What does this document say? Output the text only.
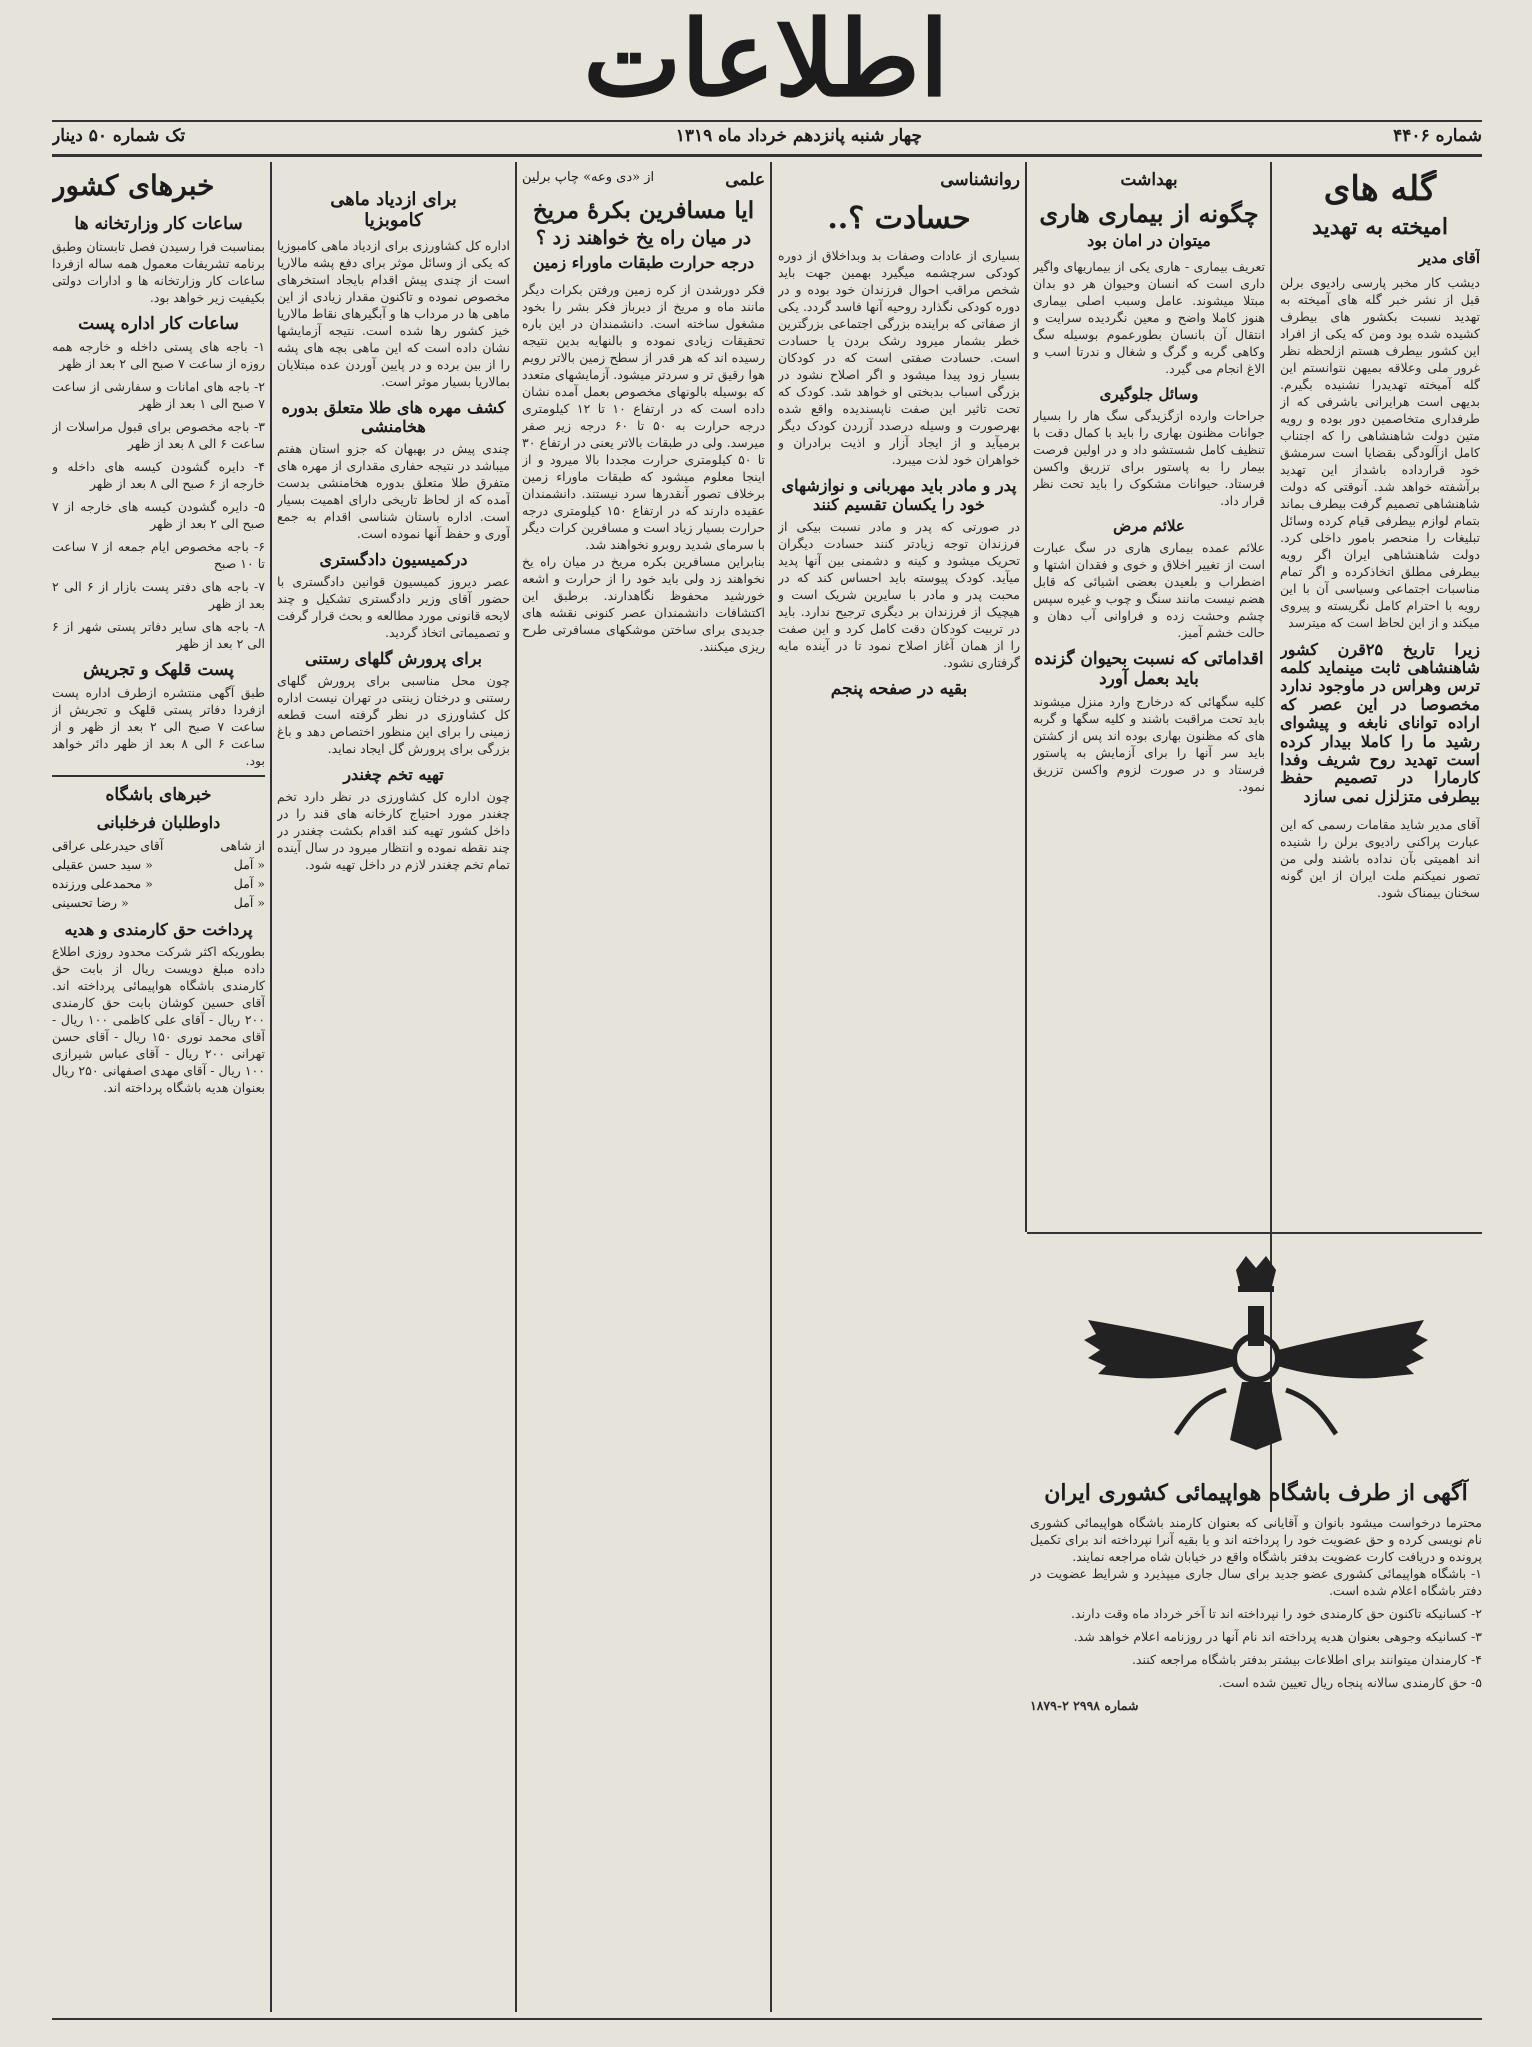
اطلاعات
شماره ۴۴۰۶
چهار شنبه پانزدهم خرداد ماه ۱۳۱۹
تک شماره ۵۰ دینار
گله های
امیخته به تهدید
آقای مدیر
دیشب کار مخبر پارسی رادیوی برلن قبل از نشر خبر گله های آمیخته به تهدید نسبت بکشور های بیطرف کشیده شده بود ومن که یکی از افراد این کشور بیطرف هستم ازلحظه نظر غرور ملی وعلاقه بمیهن نتوانستم این گله آمیخته تهدیدرا نشنیده بگیرم. بدیهی است هرایرانی باشرفی که از طرفداری متخاصمین دور بوده و رویه متین دولت شاهنشاهی را که اجتناب کامل ازآلودگی بقضایا است سرمشق خود قرارداده باشداز این تهدید برآشفته خواهد شد. آنوقتی که دولت شاهنشاهی تصمیم گرفت بیطرف بماند بتمام لوازم بیطرفی قیام کرده وسائل تبلیغات را منحصر بامور داخلی کرد. دولت شاهنشاهی ایران اگر رویه بیطرفی مطلق اتخاذکرده و اگر تمام مناسبات اجتماعی وسیاسی آن با این رویه با احترام کامل نگریسته و پیروی میکند و از این لحاظ است که میترسد
زیرا تاریخ ۲۵قرن کشور شاهنشاهی ثابت مینماید کلمه ترس وهراس در ماوجود ندارد مخصوصا در این عصر که اراده توانای نابغه و پیشوای رشید ما را کاملا بیدار کرده است تهدید روح شریف وفدا کارمارا در تصمیم حفظ بیطرفی متزلزل نمی سازد
آقای مدیر شاید مقامات رسمی که این عبارت پراکنی رادیوی برلن را شنیده اند اهمیتی بآن نداده باشند ولی من تصور نمیکنم ملت ایران از این گونه سخنان بیمناک شود.
بهداشت
چگونه از بیماری هاری
میتوان در امان بود
تعریف بیماری - هاری یکی از بیماریهای واگیر داری است که انسان وحیوان هر دو بدان مبتلا میشوند. عامل وسبب اصلی بیماری هنوز کاملا واضح و معین نگردیده سرایت و انتقال آن بانسان بطورعموم بوسیله سگ وکاهی گربه و گرگ و شغال و ندرتا اسب و الاغ انجام می گیرد.
وسائل جلوگیری
جراحات وارده ازگزیدگی سگ هار را بسیار جوانات مظنون بهاری را باید با کمال دقت با تنظیف کامل شستشو داد و در اولین فرصت بیمار را به پاستور برای تزریق واکسن فرستاد. حیوانات مشکوک را باید تحت نظر قرار داد.
علائم مرض
علائم عمده بیماری هاری در سگ عبارت است از تغییر اخلاق و خوی و فقدان اشتها و اضطراب و بلعیدن بعضی اشیائی که قابل هضم نیست مانند سنگ و چوب و غیره سپس چشم وحشت زده و فراوانی آب دهان و حالت خشم آمیز.
اقداماتی که نسبت بحیوان گزنده باید بعمل آورد
کلیه سگهائی که درخارج وارد منزل میشوند باید تحت مراقبت باشند و کلیه سگها و گربه های که مظنون بهاری بوده اند پس از کشتن باید سر آنها را برای آزمایش به پاستور فرستاد و در صورت لزوم واکسن تزریق نمود.
روانشناسی
حسادت ؟..
بسیاری از عادات وصفات بد وبداخلاق از دوره کودکی سرچشمه میگیرد بهمین جهت باید شخص مراقب احوال فرزندان خود بوده و در دوره کودکی نگذارد روحیه آنها فاسد گردد. یکی از صفاتی که براینده بزرگی اجتماعی بزرگترین خطر بشمار میرود رشک بردن یا حسادت است. حسادت صفتی است که در کودکان بسیار زود پیدا میشود و اگر اصلاح نشود در بزرگی اسباب بدبختی او خواهد شد. کودک که تحت تاثیر این صفت ناپسندیده واقع شده بهرصورت و وسیله درصدد آزردن کودک دیگر برمیآید و از ایجاد آزار و اذیت برادران و خواهران خود لذت میبرد.
پدر و مادر باید مهربانی و نوازشهای خود را یکسان تقسیم کنند
در صورتی که پدر و مادر نسبت بیکی از فرزندان توجه زیادتر کنند حسادت دیگران تحریک میشود و کینه و دشمنی بین آنها پدید میآید. کودک پیوسته باید احساس کند که در محبت پدر و مادر با سایرین شریک است و هیچیک از فرزندان بر دیگری ترجیح ندارد. باید در تربیت کودکان دقت کامل کرد و این صفت را از همان آغاز اصلاح نمود تا در آینده مایه گرفتاری نشود.
بقیه در صفحه پنجم
علمی
از «دی وعه» چاپ برلین
ایا مسافرین بکرهٔ مریخ
در میان راه یخ خواهند زد ؟
درجه حرارت طبقات ماوراء زمین
فکر دورشدن از کره زمین ورفتن بکرات دیگر مانند ماه و مریخ از دیرباز فکر بشر را بخود مشغول ساخته است. دانشمندان در این باره تحقیقات زیادی نموده و بالنهایه بدین نتیجه رسیده اند که هر قدر از سطح زمین بالاتر رویم هوا رقیق تر و سردتر میشود. آزمایشهای متعدد که بوسیله بالونهای مخصوص بعمل آمده نشان داده است که در ارتفاع ۱۰ تا ۱۲ کیلومتری درجه حرارت به ۵۰ تا ۶۰ درجه زیر صفر میرسد. ولی در طبقات بالاتر یعنی در ارتفاع ۳۰ تا ۵۰ کیلومتری حرارت مجددا بالا میرود و از اینجا معلوم میشود که طبقات ماوراء زمین برخلاف تصور آنقدرها سرد نیستند. دانشمندان عقیده دارند که در ارتفاع ۱۵۰ کیلومتری درجه حرارت بسیار زیاد است و مسافرین کرات دیگر با سرمای شدید روبرو نخواهند شد.
بنابراین مسافرین بکره مریخ در میان راه یخ نخواهند زد ولی باید خود را از حرارت و اشعه خورشید محفوظ نگاهدارند. برطبق این اکتشافات دانشمندان عصر کنونی نقشه های جدیدی برای ساختن موشکهای مسافرتی طرح ریزی میکنند.
برای ازدیاد ماهی
کاموبزیا
اداره کل کشاورزی برای ازدیاد ماهی کامبوزیا که یکی از وسائل موثر برای دفع پشه مالاریا است از چندی پیش اقدام بایجاد استخرهای مخصوص نموده و تاکنون مقدار زیادی از این ماهی ها در مرداب ها و آبگیرهای نقاط مالاریا خیز کشور رها شده است. نتیجه آزمایشها نشان داده است که این ماهی بچه های پشه را از بین برده و در پایین آوردن عده مبتلایان بمالاریا بسیار موثر است.
کشف مهره های طلا متعلق بدوره هخامنشی
چندی پیش در بهبهان که جزو استان هفتم میباشد در نتیجه حفاری مقداری از مهره های متفرق طلا متعلق بدوره هخامنشی بدست آمده که از لحاظ تاریخی دارای اهمیت بسیار است. اداره باستان شناسی اقدام به جمع آوری و حفظ آنها نموده است.
درکمیسیون دادگستری
عصر دیروز کمیسیون قوانین دادگستری با حضور آقای وزیر دادگستری تشکیل و چند لایحه قانونی مورد مطالعه و بحث قرار گرفت و تصمیماتی اتخاذ گردید.
برای پرورش گلهای رستنی
چون محل مناسبی برای پرورش گلهای رستنی و درختان زینتی در تهران نیست اداره کل کشاورزی در نظر گرفته است قطعه زمینی را برای این منظور اختصاص دهد و باغ بزرگی برای پرورش گل ایجاد نماید.
تهیه تخم چغندر
چون اداره کل کشاورزی در نظر دارد تخم چغندر مورد احتیاج کارخانه های قند را در داخل کشور تهیه کند اقدام بکشت چغندر در چند نقطه نموده و انتظار میرود در سال آینده تمام تخم چغندر لازم در داخل تهیه شود.
خبرهای کشور
ساعات کار وزارتخانه ها
بمناسبت فرا رسیدن فصل تابستان وطبق برنامه تشریفات معمول همه ساله ازفردا ساعات کار وزارتخانه ها و ادارات دولتی بکیفیت زیر خواهد بود.
ساعات کار اداره پست

۱- باجه های پستی داخله و خارجه همه روزه از ساعت ۷ صبح الی ۲ بعد از ظهر

۲- باجه های امانات و سفارشی از ساعت ۷ صبح الی ۱ بعد از ظهر

۳- باجه مخصوص برای قبول مراسلات از ساعت ۶ الی ۸ بعد از ظهر

۴- دایره گشودن کیسه های داخله و خارجه از ۶ صبح الی ۸ بعد از ظهر

۵- دایره گشودن کیسه های خارجه از ۷ صبح الی ۲ بعد از ظهر

۶- باجه مخصوص ایام جمعه از ۷ ساعت تا ۱۰ صبح

۷- باجه های دفتر پست بازار از ۶ الی ۲ بعد از ظهر

۸- باجه های سایر دفاتر پستی شهر از ۶ الی ۲ بعد از ظهر

پست قلهک و تجریش
طبق آگهی منتشره ازطرف اداره پست ازفردا دفاتر پستی قلهک و تجریش از ساعت ۷ صبح الی ۲ بعد از ظهر و از ساعت ۶ الی ۸ بعد از ظهر دائر خواهد بود.
خبرهای باشگاه
داوطلبان فرخلبانی
از شاهی
آقای حیدرعلی عراقی
« آمل
« سید حسن عقیلی
« آمل
« محمدعلی ورزنده
« آمل
« رضا تحسینی
پرداخت حق کارمندی و هدیه
بطوریکه اکثر شرکت محدود روزی اطلاع داده مبلغ دویست ریال از بابت حق کارمندی باشگاه هواپیمائی پرداخته اند. آقای حسین کوشان بابت حق کارمندی ۲۰۰ ریال - آقای علی کاظمی ۱۰۰ ریال - آقای محمد نوری ۱۵۰ ریال - آقای حسن تهرانی ۲۰۰ ریال - آقای عباس شیرازی ۱۰۰ ریال - آقای مهدی اصفهانی ۲۵۰ ریال بعنوان هدیه باشگاه پرداخته اند.
آگهی از طرف باشگاه هواپیمائی کشوری ایران
محترما درخواست میشود بانوان و آقایانی که بعنوان کارمند باشگاه هواپیمائی کشوری نام نویسی کرده و حق عضویت خود را پرداخته اند و یا بقیه آنرا نپرداخته اند برای تکمیل پرونده و دریافت کارت عضویت بدفتر باشگاه واقع در خیابان شاه مراجعه نمایند.

۱- باشگاه هواپیمائی کشوری عضو جدید برای سال جاری میپذیرد و شرایط عضویت در دفتر باشگاه اعلام شده است.

۲- کسانیکه تاکنون حق کارمندی خود را نپرداخته اند تا آخر خرداد ماه وقت دارند.

۳- کسانیکه وجوهی بعنوان هدیه پرداخته اند نام آنها در روزنامه اعلام خواهد شد.

۴- کارمندان میتوانند برای اطلاعات بیشتر بدفتر باشگاه مراجعه کنند.

۵- حق کارمندی سالانه پنجاه ریال تعیین شده است.

شماره ۲۹۹۸ ۲-۱۸۷۹
